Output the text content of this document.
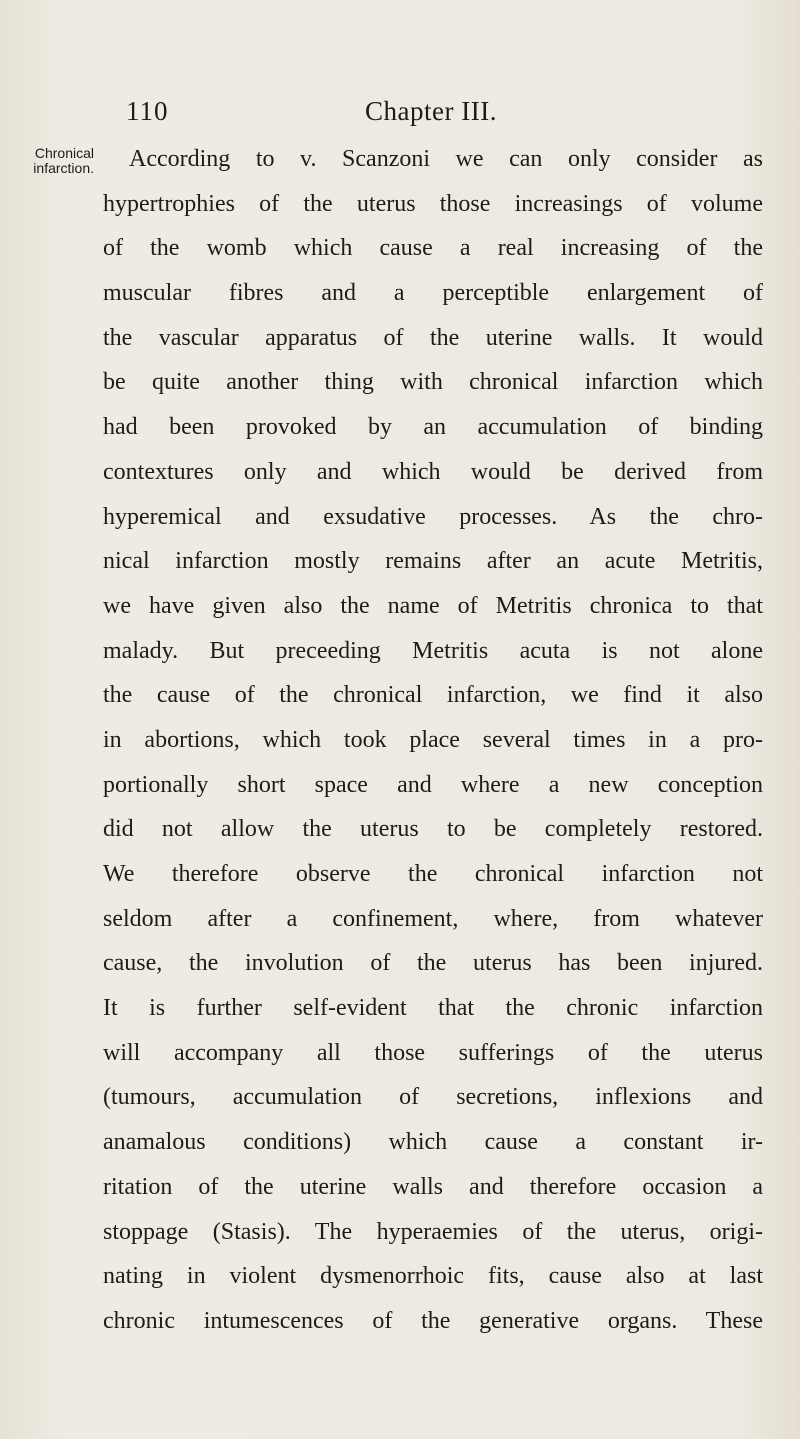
110	Chapter III.
Chronical
infarction.	According to v. Scanzoni we can only consider as
hypertrophies of the uterus those increasings of volume
of the womb which cause a real increasing of the
muscular fibres and a perceptible enlargement of
the vascular apparatus of the uterine walls. It would
be quite another thing with chronical infarction which
had been provoked by an accumulation of binding
contextures only and which would be derived from
hyperemical and exsudative processes. As the chro-
nical infarction mostly remains after an acute Metritis,
we have given also the name of Metritis chronica to that
malady. But preceeding Metritis acuta is not alone
the cause of the chronical infarction, we find it also
in abortions, which took place several times in a pro-
portionally short space and where a new conception
did not allow the uterus to be completely restored.
We therefore observe the chronical infarction not
seldom after a confinement, where, from whatever
cause, the involution of the uterus has been injured.
It is further self-evident that the chronic infarction
will accompany all those sufferings of the uterus
(tumours, accumulation of secretions, inflexions and
anamalous conditions) which cause a constant ir-
ritation of the uterine walls and therefore occasion a
stoppage (Stasis). The hyperaemies of the uterus, origi-
nating in violent dysmenorrhoic fits, cause also at last
chronic intumescences of the generative organs. These
